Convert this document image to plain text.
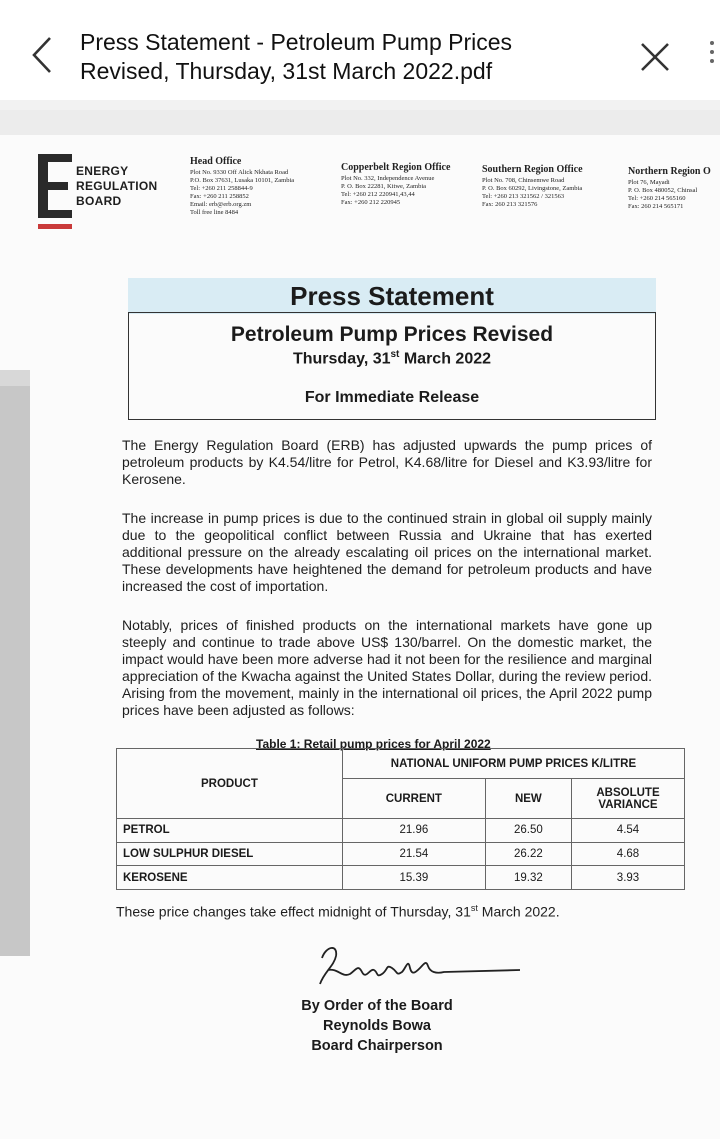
Press Statement - Petroleum Pump Prices
Revised, Thursday, 31st March 2022.pdf
ENERGY
REGULATION
BOARD
Head Office
Plot No. 9330 Off Alick Nkhata Road
P.O. Box 37631, Lusaka 10101, Zambia
Tel: +260 211 258844-9
Fax: +260 211 258852
Email: erb@erb.org.zm
Toll free line 8484
Copperbelt Region Office
Plot No. 332, Independence Avenue
P. O. Box 22281, Kitwe, Zambia
Tel: +260 212 220941,43,44
Fax: +260 212 220945
Southern Region Office
Plot No. 708, Chinsemwe Road
P. O. Box 60292, Livingstone, Zambia
Tel: +260 213 321562 / 321563
Fax: 260 213 321576
Northern Region O
Plot 76, Mayadi
P. O. Box 480052, Chinsal
Tel: +260 214 565160
Fax: 260 214 565171
Press Statement
Petroleum Pump Prices Revised
Thursday, 31st March 2022
For Immediate Release
The Energy Regulation Board (ERB) has adjusted upwards the pump prices of petroleum products by K4.54/litre for Petrol, K4.68/litre for Diesel and K3.93/litre for Kerosene.
The increase in pump prices is due to the continued strain in global oil supply mainly due to the geopolitical conflict between Russia and Ukraine that has exerted additional pressure on the already escalating oil prices on the international market. These developments have heightened the demand for petroleum products and have increased the cost of importation.
Notably, prices of finished products on the international markets have gone up steeply and continue to trade above US$ 130/barrel. On the domestic market, the impact would have been more adverse had it not been for the resilience and marginal appreciation of the Kwacha against the United States Dollar, during the review period. Arising from the movement, mainly in the international oil prices, the April 2022 pump prices have been adjusted as follows:
Table 1: Retail pump prices for April 2022
PRODUCT	NATIONAL UNIFORM PUMP PRICES K/LITRE		
	CURRENT	NEW	ABSOLUTE VARIANCE
PETROL	21.96	26.50	4.54
LOW SULPHUR DIESEL	21.54	26.22	4.68
KEROSENE	15.39	19.32	3.93
These price changes take effect midnight of Thursday, 31st March 2022.
By Order of the Board
Reynolds Bowa
Board Chairperson
